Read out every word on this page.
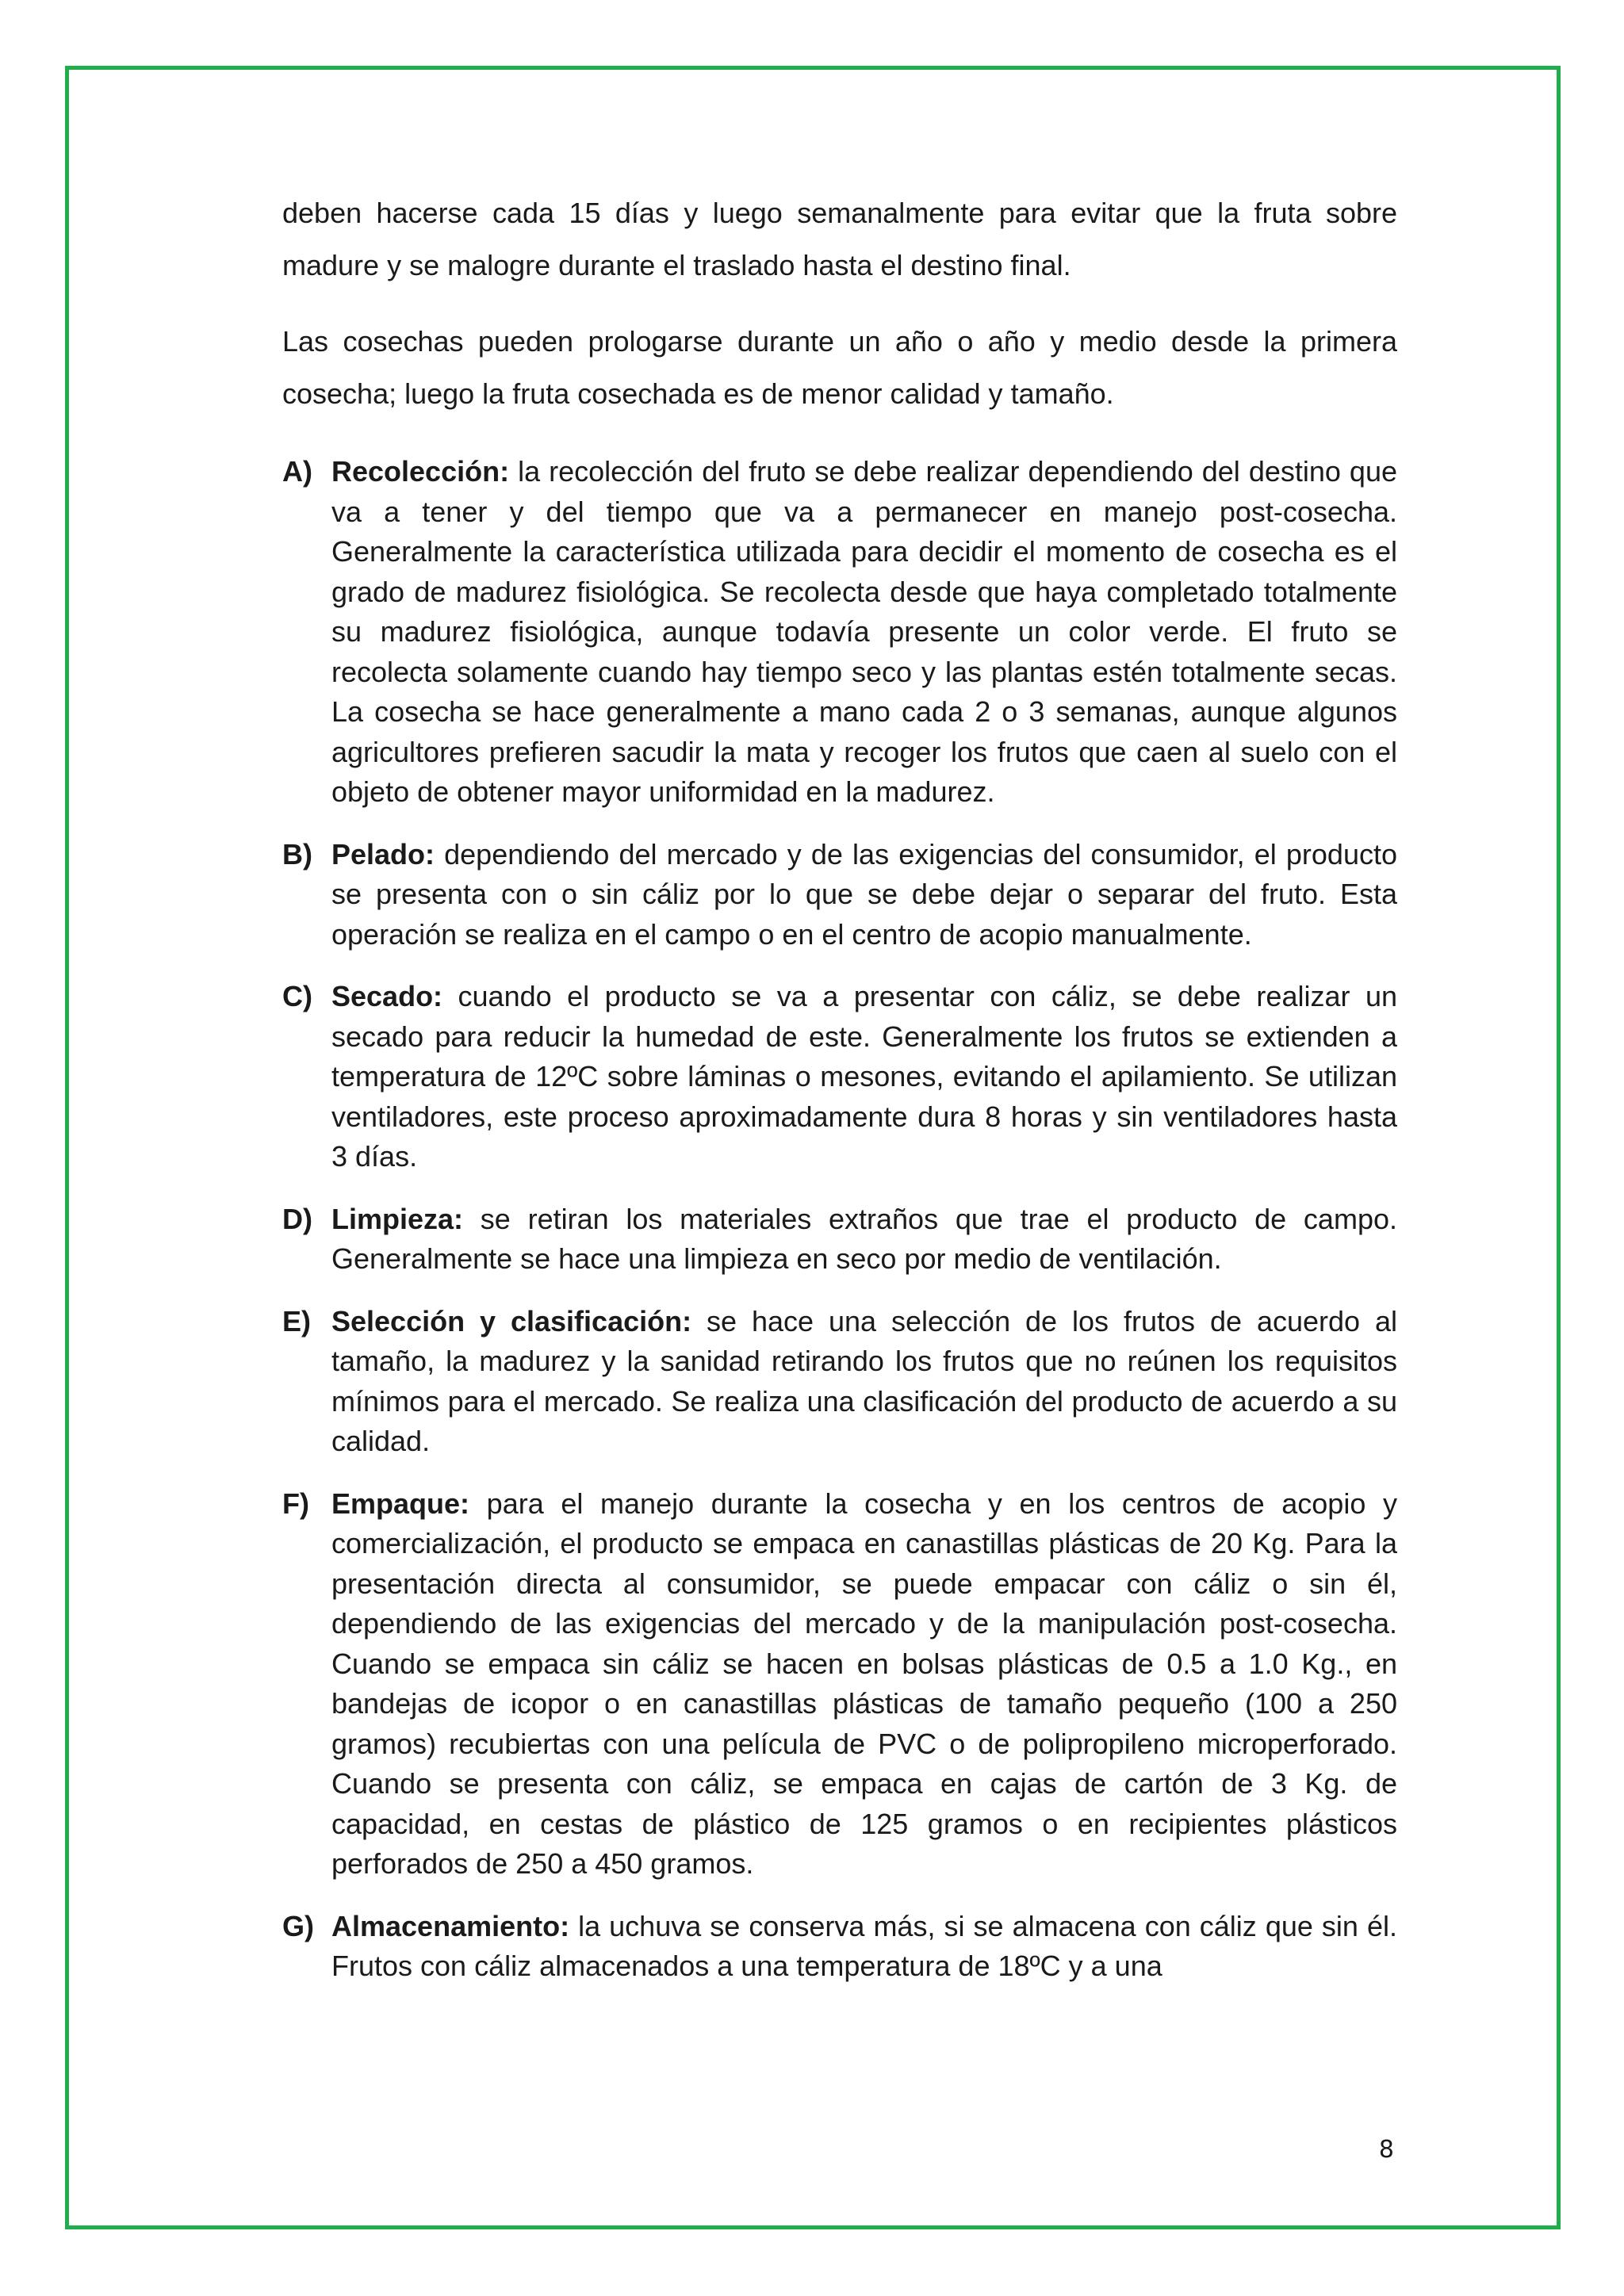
deben hacerse cada 15 días y luego semanalmente para evitar que la fruta sobre madure y se malogre durante el traslado hasta el destino final.

Las cosechas pueden prologarse durante un año o año y medio desde la primera cosecha; luego la fruta cosechada es de menor calidad y tamaño.

A) Recolección: la recolección del fruto se debe realizar dependiendo del destino que va a tener y del tiempo que va a permanecer en manejo post-cosecha. Generalmente la característica utilizada para decidir el momento de cosecha es el grado de madurez fisiológica. Se recolecta desde que haya completado totalmente su madurez fisiológica, aunque todavía presente un color verde. El fruto se recolecta solamente cuando hay tiempo seco y las plantas estén totalmente secas. La cosecha se hace generalmente a mano cada 2 o 3 semanas, aunque algunos agricultores prefieren sacudir la mata y recoger los frutos que caen al suelo con el objeto de obtener mayor uniformidad en la madurez.
B) Pelado: dependiendo del mercado y de las exigencias del consumidor, el producto se presenta con o sin cáliz por lo que se debe dejar o separar del fruto. Esta operación se realiza en el campo o en el centro de acopio manualmente.
C) Secado: cuando el producto se va a presentar con cáliz, se debe realizar un secado para reducir la humedad de este. Generalmente los frutos se extienden a temperatura de 12ºC sobre láminas o mesones, evitando el apilamiento. Se utilizan ventiladores, este proceso aproximadamente dura 8 horas y sin ventiladores hasta 3 días.
D) Limpieza: se retiran los materiales extraños que trae el producto de campo. Generalmente se hace una limpieza en seco por medio de ventilación.
E) Selección y clasificación: se hace una selección de los frutos de acuerdo al tamaño, la madurez y la sanidad retirando los frutos que no reúnen los requisitos mínimos para el mercado. Se realiza una clasificación del producto de acuerdo a su calidad.
F) Empaque: para el manejo durante la cosecha y en los centros de acopio y comercialización, el producto se empaca en canastillas plásticas de 20 Kg. Para la presentación directa al consumidor, se puede empacar con cáliz o sin él, dependiendo de las exigencias del mercado y de la manipulación post-cosecha. Cuando se empaca sin cáliz se hacen en bolsas plásticas de 0.5 a 1.0 Kg., en bandejas de icopor o en canastillas plásticas de tamaño pequeño (100 a 250 gramos) recubiertas con una película de PVC o de polipropileno microperforado. Cuando se presenta con cáliz, se empaca en cajas de cartón de 3 Kg. de capacidad, en cestas de plástico de 125 gramos o en recipientes plásticos perforados de 250 a 450 gramos.
G) Almacenamiento: la uchuva se conserva más, si se almacena con cáliz que sin él. Frutos con cáliz almacenados a una temperatura de 18ºC y a una
8
